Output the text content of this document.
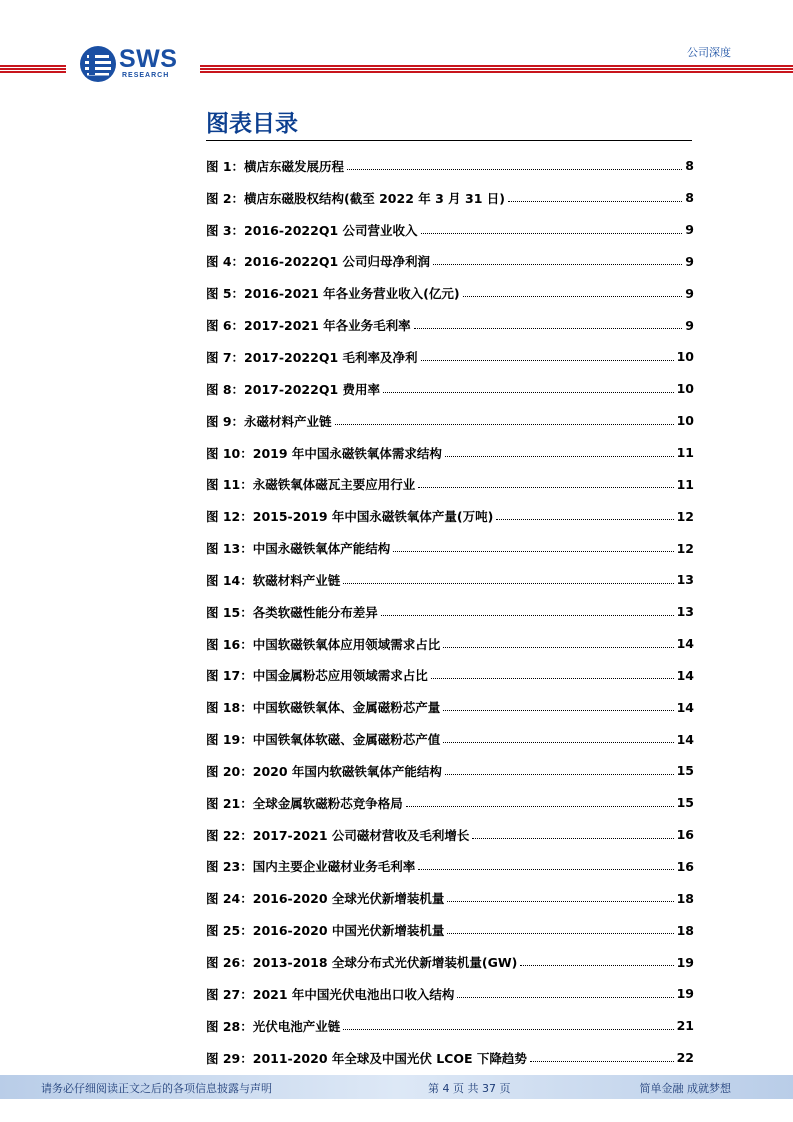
SWS
RESEARCH
公司深度
图表目录
图 1：横店东磁发展历程	8
图 2：横店东磁股权结构(截至 2022 年 3 月 31 日)	8
图 3：2016-2022Q1 公司营业收入	9
图 4：2016-2022Q1 公司归母净利润	9
图 5：2016-2021 年各业务营业收入(亿元)	9
图 6：2017-2021 年各业务毛利率	9
图 7：2017-2022Q1 毛利率及净利	10
图 8：2017-2022Q1 费用率	10
图 9：永磁材料产业链	10
图 10：2019 年中国永磁铁氧体需求结构	11
图 11：永磁铁氧体磁瓦主要应用行业	11
图 12：2015-2019 年中国永磁铁氧体产量(万吨)	12
图 13：中国永磁铁氧体产能结构	12
图 14：软磁材料产业链	13
图 15：各类软磁性能分布差异	13
图 16：中国软磁铁氧体应用领域需求占比	14
图 17：中国金属粉芯应用领域需求占比	14
图 18：中国软磁铁氧体、金属磁粉芯产量	14
图 19：中国铁氧体软磁、金属磁粉芯产值	14
图 20：2020 年国内软磁铁氧体产能结构	15
图 21：全球金属软磁粉芯竞争格局	15
图 22：2017-2021 公司磁材营收及毛利增长	16
图 23：国内主要企业磁材业务毛利率	16
图 24：2016-2020 全球光伏新增装机量	18
图 25：2016-2020 中国光伏新增装机量	18
图 26：2013-2018 全球分布式光伏新增装机量(GW)	19
图 27：2021 年中国光伏电池出口收入结构	19
图 28：光伏电池产业链	21
图 29：2011-2020 年全球及中国光伏 LCOE 下降趋势	22
请务必仔细阅读正文之后的各项信息披露与声明	第 4 页 共 37 页	简单金融 成就梦想
